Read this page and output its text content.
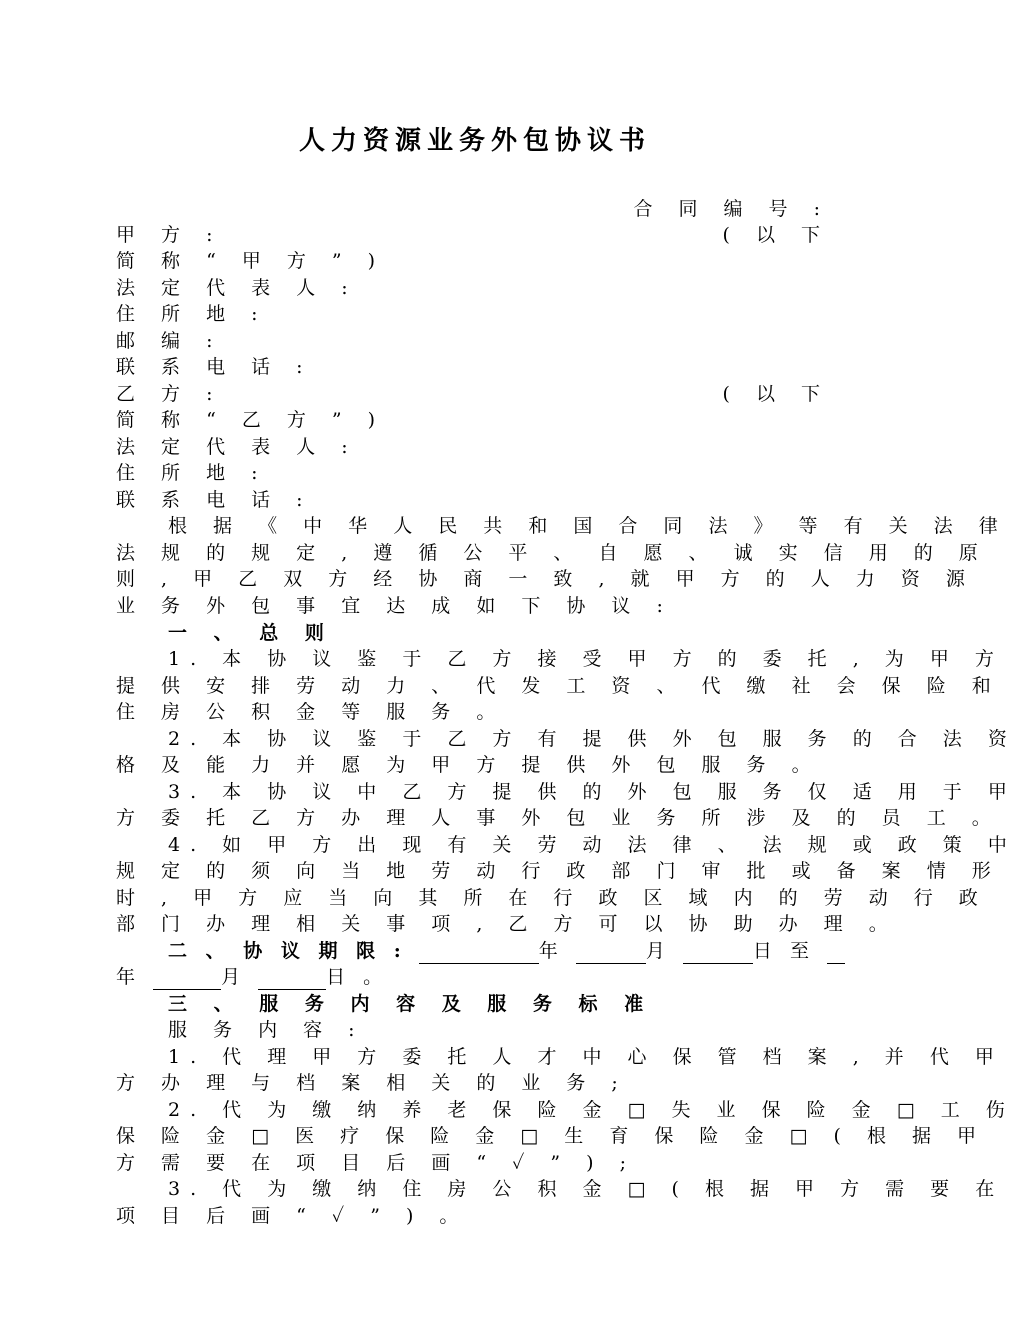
人力资源业务外包协议书
合 同 编 号 :
甲 方 :	( 以 下
简 称 “ 甲 方 ” )
法 定 代 表 人 :
住 所 地 :
邮 编 :
联 系 电 话 :
乙 方 :	( 以 下
简 称 “ 乙 方 ” )
法 定 代 表 人 :
住 所 地 :
联 系 电 话 :
根 据 《 中 华 人 民 共 和 国 合 同 法 》 等 有 关 法 律
法 规 的 规 定 , 遵 循 公 平 、 自 愿 、 诚 实 信 用 的 原
则 , 甲 乙 双 方 经 协 商 一 致 , 就 甲 方 的 人 力 资 源
业 务 外 包 事 宜 达 成 如 下 协 议 :
一 、 总 则
1. 本 协 议 鉴 于 乙 方 接 受 甲 方 的 委 托 , 为 甲 方
提 供 安 排 劳 动 力 、 代 发 工 资 、 代 缴 社 会 保 险 和
住 房 公 积 金 等 服 务 。
2. 本 协 议 鉴 于 乙 方 有 提 供 外 包 服 务 的 合 法 资
格 及 能 力 并 愿 为 甲 方 提 供 外 包 服 务 。
3. 本 协 议 中 乙 方 提 供 的 外 包 服 务 仅 适 用 于 甲
方 委 托 乙 方 办 理 人 事 外 包 业 务 所 涉 及 的 员 工 。
4. 如 甲 方 出 现 有 关 劳 动 法 律 、 法 规 或 政 策 中
规 定 的 须 向 当 地 劳 动 行 政 部 门 审 批 或 备 案 情 形
时 , 甲 方 应 当 向 其 所 在 行 政 区 域 内 的 劳 动 行 政
部 门 办 理 相 关 事 项 , 乙 方 可 以 协 助 办 理 。
二 、 协 议 期 限 :	年	月	日 至
年	月	日 。
三 、 服 务 内 容 及 服 务 标 准
服 务 内 容 :
1. 代 理 甲 方 委 托 人 才 中 心 保 管 档 案 , 并 代 甲
方 办 理 与 档 案 相 关 的 业 务 ;
2. 代 为 缴 纳 养 老 保 险 金 □ 失 业 保 险 金 □ 工 伤
保 险 金 □ 医 疗 保 险 金 □ 生 育 保 险 金 □ ( 根 据 甲
方 需 要 在 项 目 后 画 “ ✓ ” ) ;
3. 代 为 缴 纳 住 房 公 积 金 □ ( 根 据 甲 方 需 要 在
项 目 后 画 “ ✓ ” ) 。
